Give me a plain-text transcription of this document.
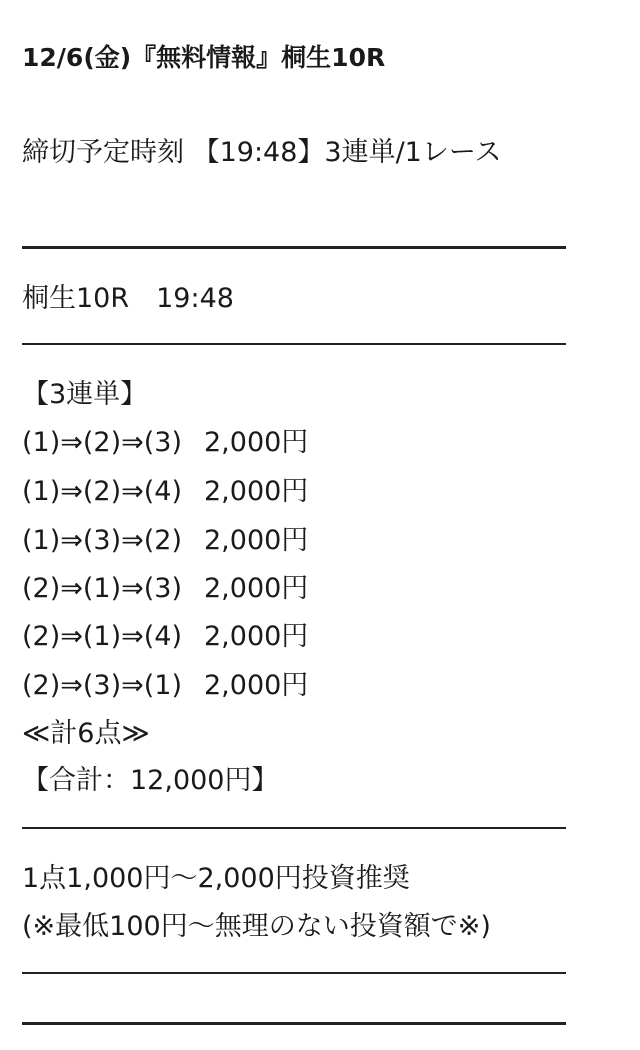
12/6(金)『無料情報』桐生10R
締切予定時刻 【19:48】3連単/1レース
桐生10R　19:48
【3連単】
(1)⇒(2)⇒(3) 2,000円
(1)⇒(2)⇒(4) 2,000円
(1)⇒(3)⇒(2) 2,000円
(2)⇒(1)⇒(3) 2,000円
(2)⇒(1)⇒(4) 2,000円
(2)⇒(3)⇒(1) 2,000円
≪計6点≫
【合計：12,000円】
1点1,000円〜2,000円投資推奨
(※最低100円〜無理のない投資額で※)
